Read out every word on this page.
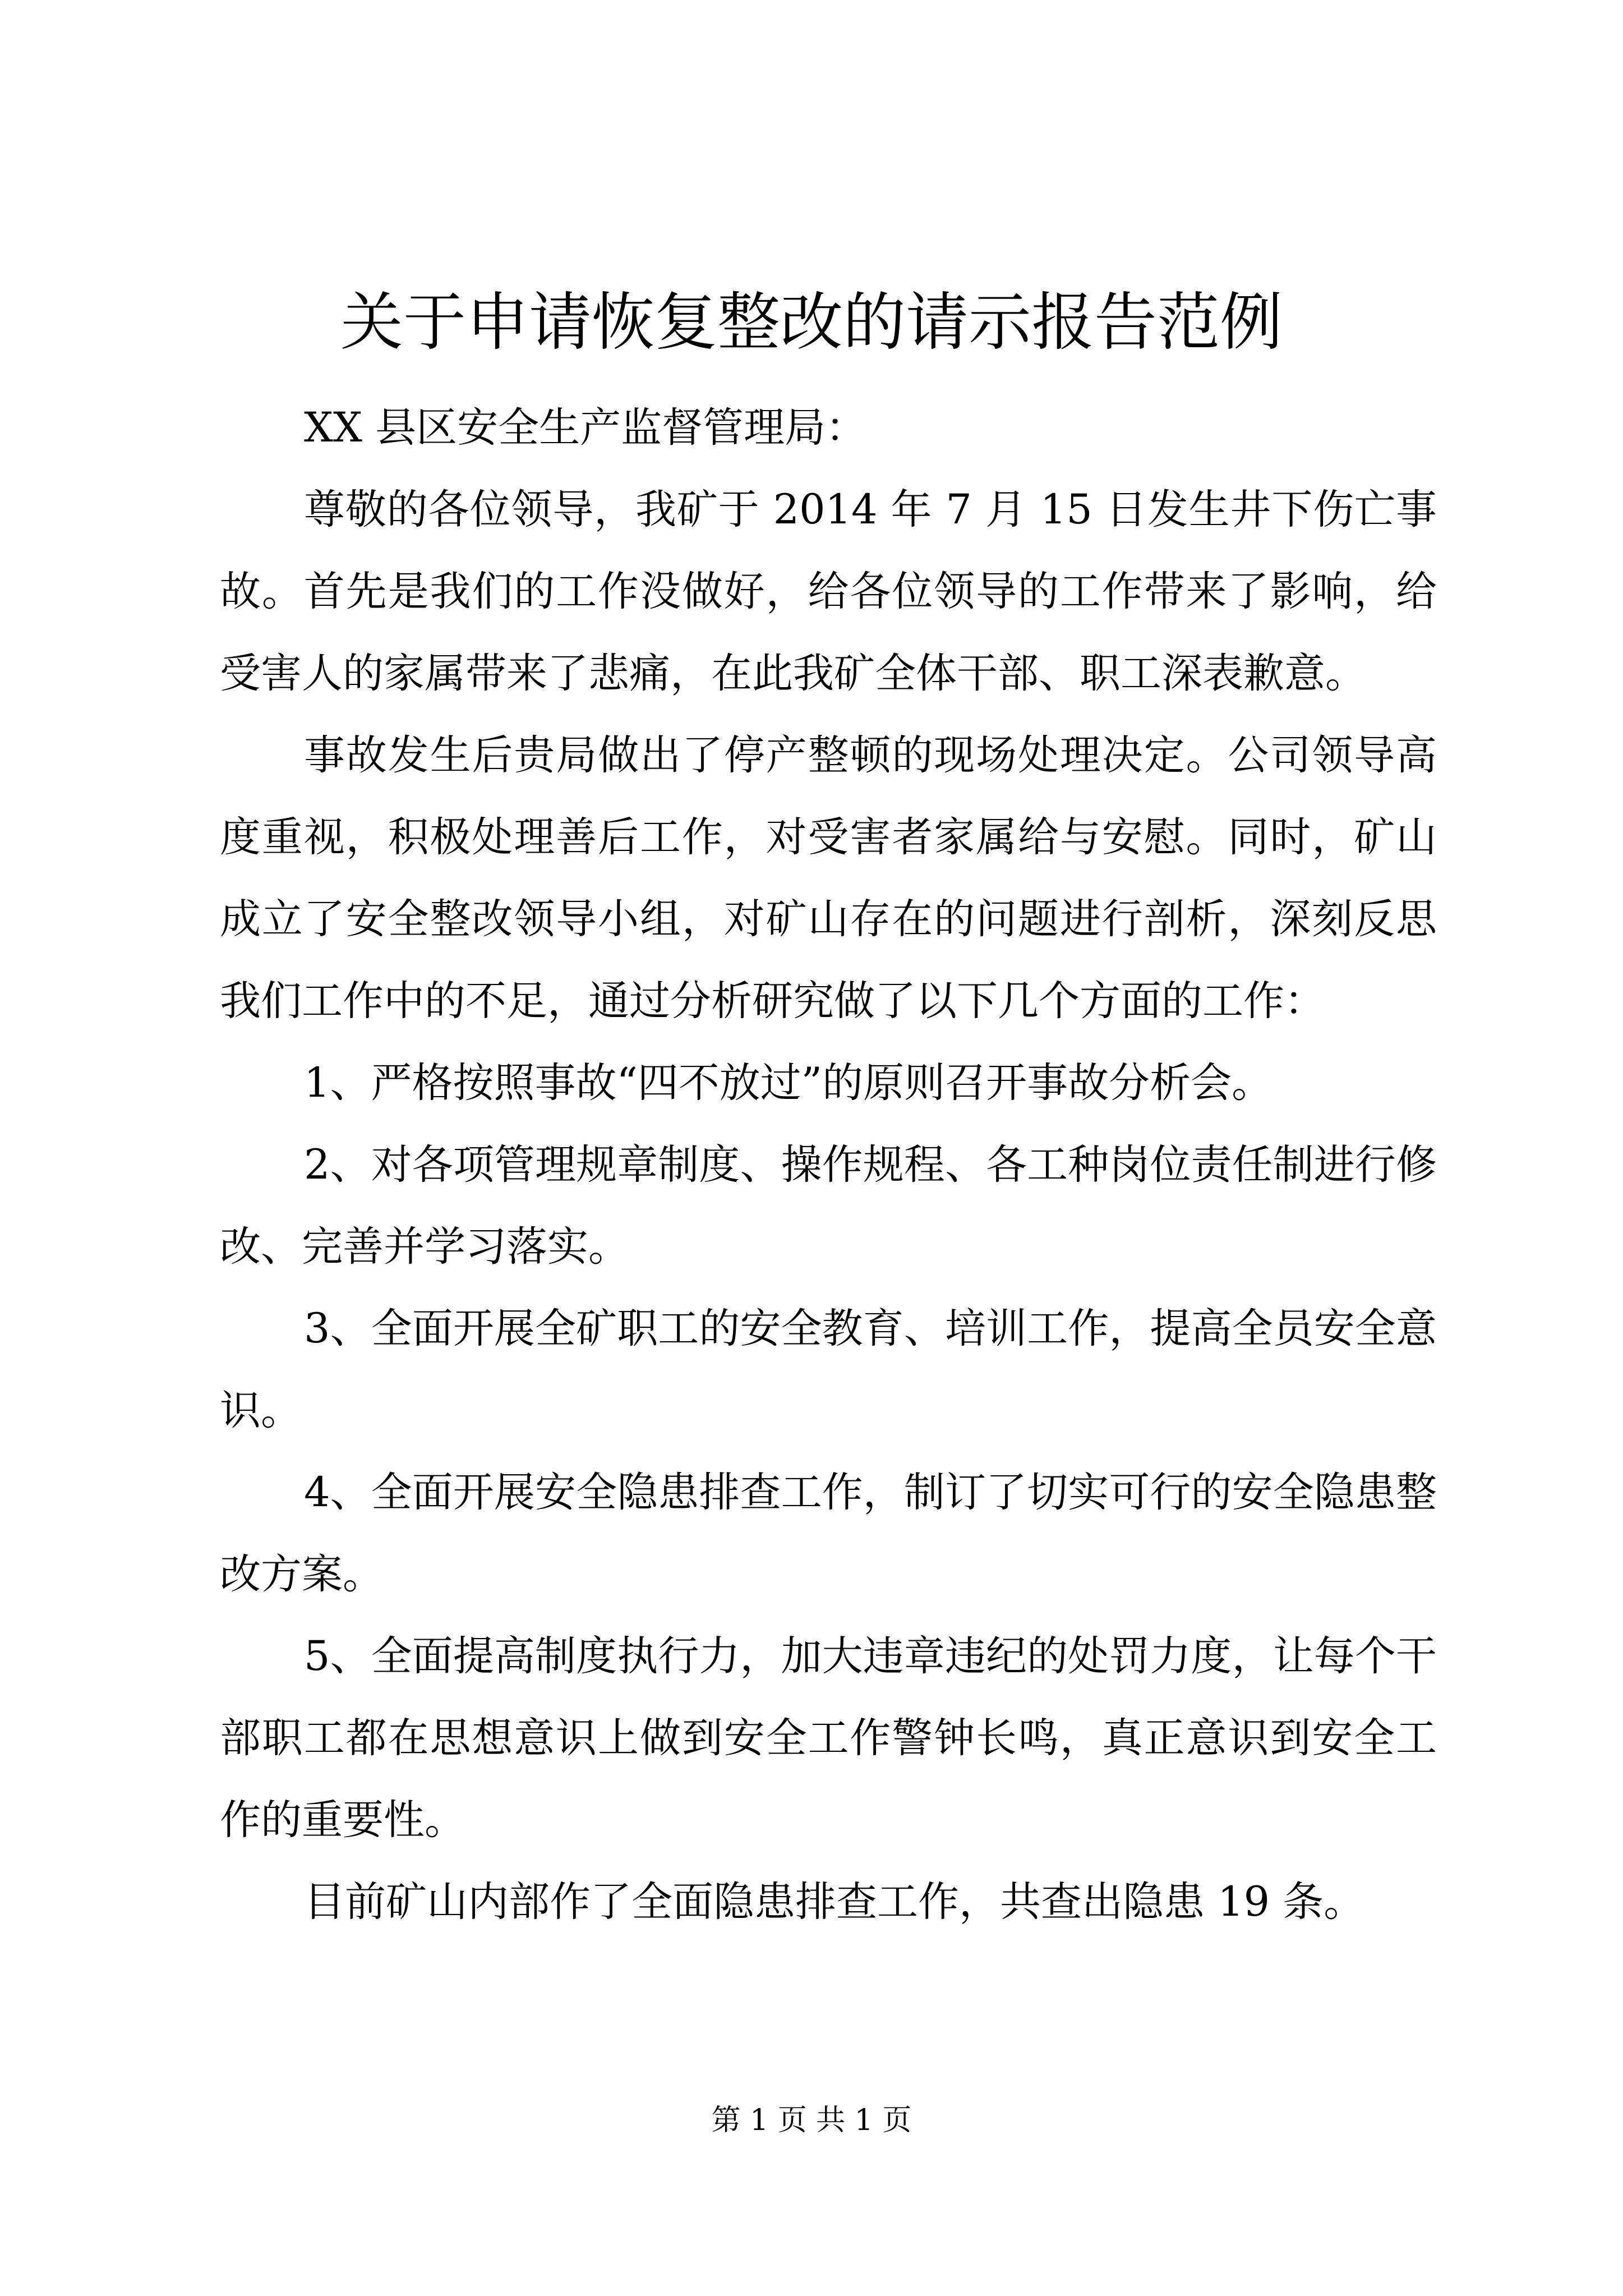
关于申请恢复整改的请示报告范例

XX 县区安全生产监督管理局：

尊敬的各位领导，我矿于 2014 年 7 月 15 日发生井下伤亡事故。首先是我们的工作没做好，给各位领导的工作带来了影响，给受害人的家属带来了悲痛，在此我矿全体干部、职工深表歉意。

事故发生后贵局做出了停产整顿的现场处理决定。公司领导高度重视，积极处理善后工作，对受害者家属给与安慰。同时，矿山成立了安全整改领导小组，对矿山存在的问题进行剖析，深刻反思我们工作中的不足，通过分析研究做了以下几个方面的工作：

1、严格按照事故“四不放过”的原则召开事故分析会。

2、对各项管理规章制度、操作规程、各工种岗位责任制进行修改、完善并学习落实。

3、全面开展全矿职工的安全教育、培训工作，提高全员安全意识。

4、全面开展安全隐患排查工作，制订了切实可行的安全隐患整改方案。

5、全面提高制度执行力，加大违章违纪的处罚力度，让每个干部职工都在思想意识上做到安全工作警钟长鸣，真正意识到安全工作的重要性。

目前矿山内部作了全面隐患排查工作，共查出隐患 19 条。

第 1 页 共 1 页
